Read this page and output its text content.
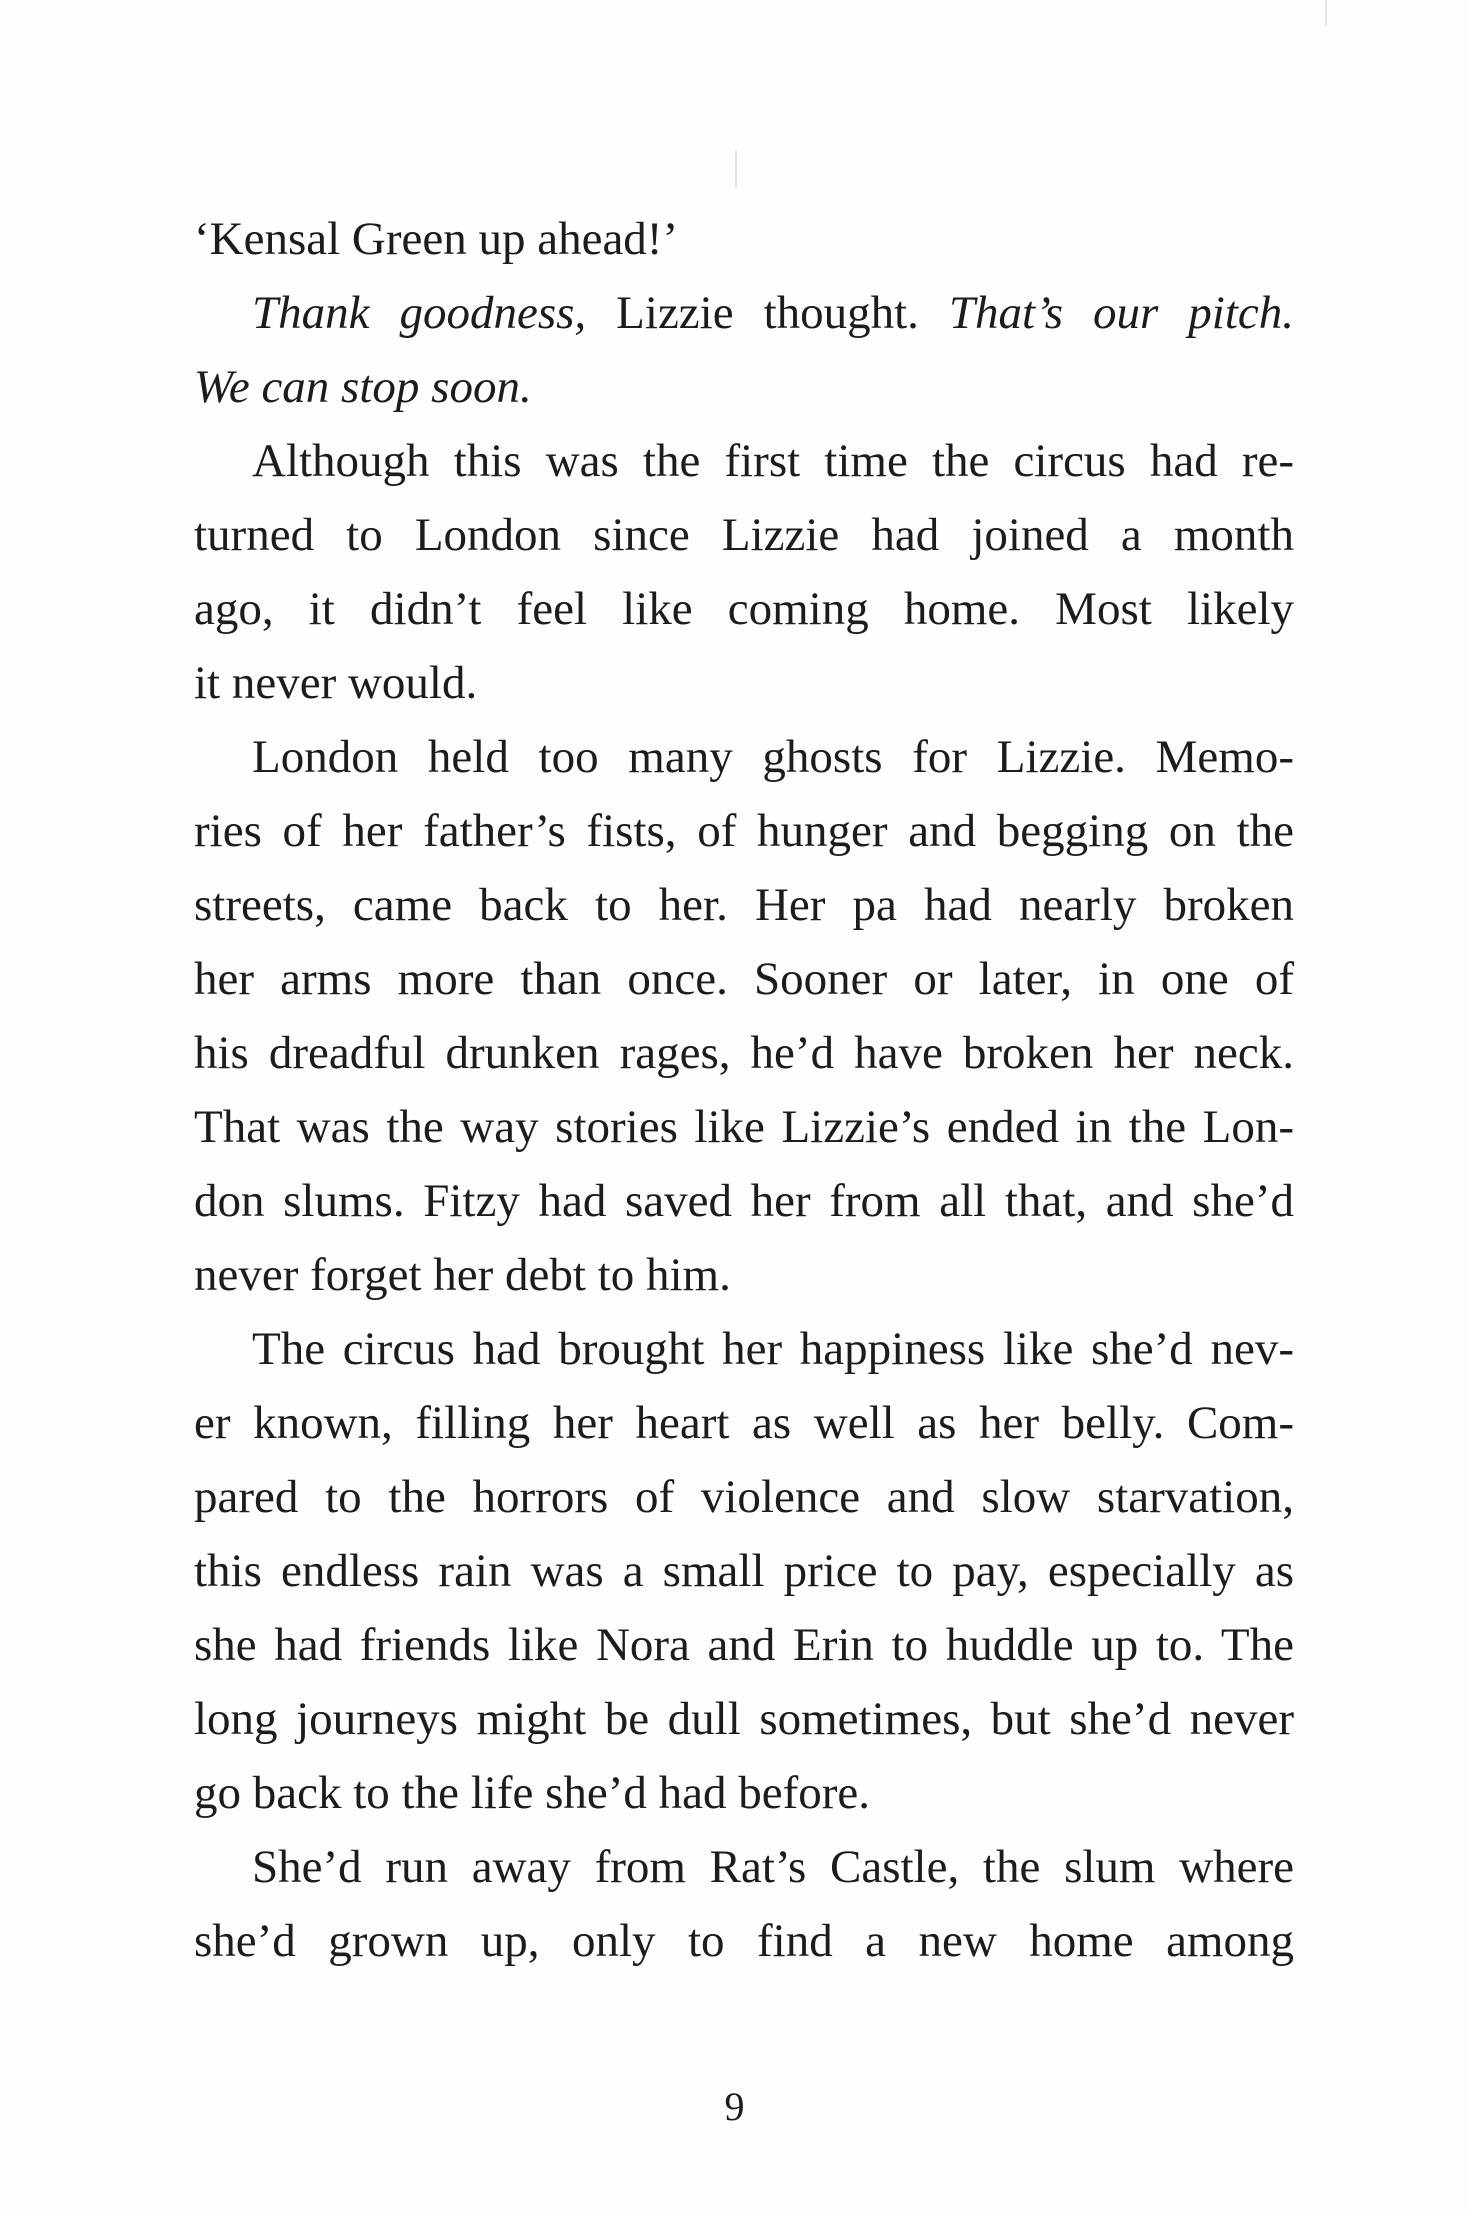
‘Kensal Green up ahead!’
Thank goodness, Lizzie thought. That’s our pitch.
We can stop soon.
Although this was the first time the circus had re-
turned to London since Lizzie had joined a month
ago, it didn’t feel like coming home. Most likely
it never would.
London held too many ghosts for Lizzie. Memo-
ries of her father’s fists, of hunger and begging on the
streets, came back to her. Her pa had nearly broken
her arms more than once. Sooner or later, in one of
his dreadful drunken rages, he’d have broken her neck.
That was the way stories like Lizzie’s ended in the Lon-
don slums. Fitzy had saved her from all that, and she’d
never forget her debt to him.
The circus had brought her happiness like she’d nev-
er known, filling her heart as well as her belly. Com-
pared to the horrors of violence and slow starvation,
this endless rain was a small price to pay, especially as
she had friends like Nora and Erin to huddle up to. The
long journeys might be dull sometimes, but she’d never
go back to the life she’d had before.
She’d run away from Rat’s Castle, the slum where
she’d grown up, only to find a new home among
9
